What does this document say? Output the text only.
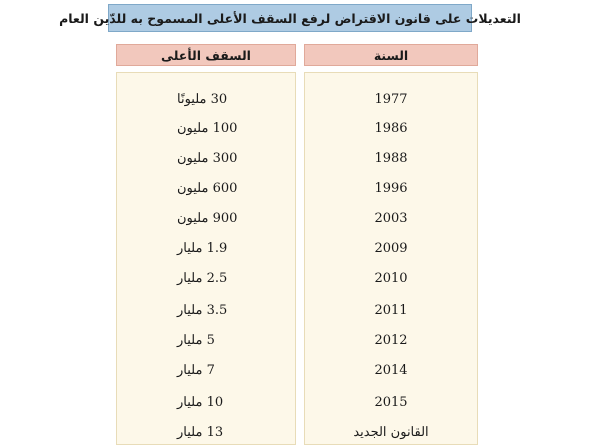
التعديلات على قانون الاقتراض لرفع السقف الأعلى المسموح به للدّين العام
السقف الأعلى	السنة
30 مليونًا
100 مليون
300 مليون
600 مليون
900 مليون
1.9 مليار
2.5 مليار
3.5 مليار
5 مليار
7 مليار
10 مليار
13 مليار
1977
1986
1988
1996
2003
2009
2010
2011
2012
2014
2015
القانون الجديد
